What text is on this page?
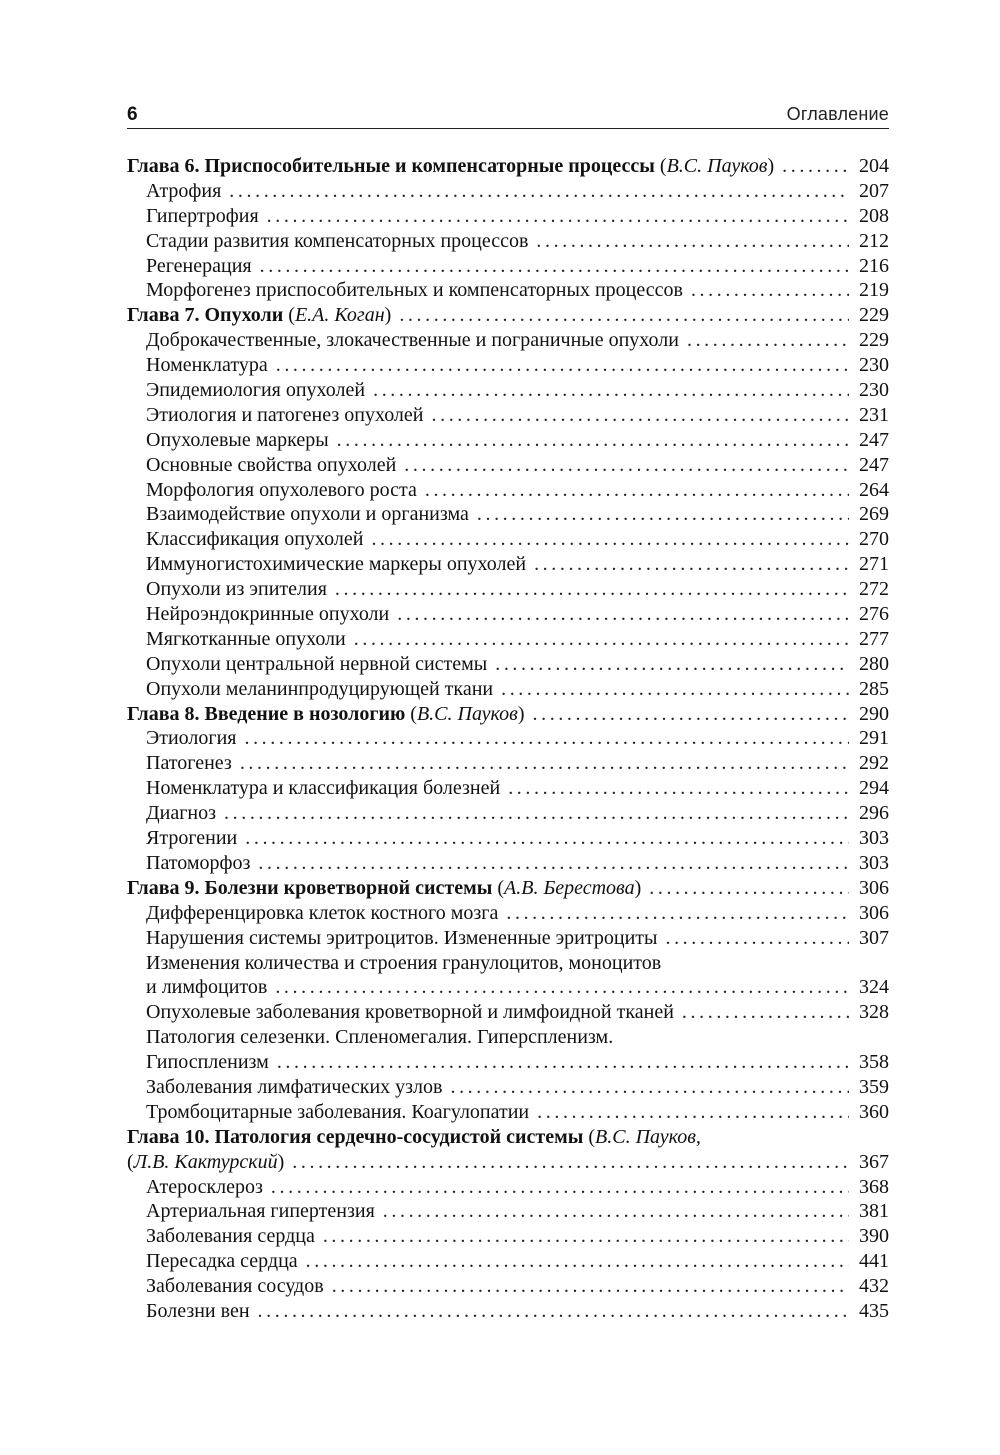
6	Оглавление
Глава 6. Приспособительные и компенсаторные процессы (В.С. Пауков) .....	204
Атрофия .....	207
Гипертрофия .....	208
Стадии развития компенсаторных процессов .....	212
Регенерация .....	216
Морфогенез приспособительных и компенсаторных процессов .....	219
Глава 7. Опухоли (Е.А. Коган) .....	229
Доброкачественные, злокачественные и пограничные опухоли .....	229
Номенклатура .....	230
Эпидемиология опухолей .....	230
Этиология и патогенез опухолей .....	231
Опухолевые маркеры .....	247
Основные свойства опухолей .....	247
Морфология опухолевого роста .....	264
Взаимодействие опухоли и организма .....	269
Классификация опухолей .....	270
Иммуногистохимические маркеры опухолей .....	271
Опухоли из эпителия .....	272
Нейроэндокринные опухоли .....	276
Мягкотканные опухоли .....	277
Опухоли центральной нервной системы .....	280
Опухоли меланинпродуцирующей ткани .....	285
Глава 8. Введение в нозологию (В.С. Пауков) .....	290
Этиология .....	291
Патогенез .....	292
Номенклатура и классификация болезней .....	294
Диагноз .....	296
Ятрогении .....	303
Патоморфоз .....	303
Глава 9. Болезни кроветворной системы (А.В. Берестова) .....	306
Дифференцировка клеток костного мозга .....	306
Нарушения системы эритроцитов. Измененные эритроциты .....	307
Изменения количества и строения гранулоцитов, моноцитов
и лимфоцитов .....	324
Опухолевые заболевания кроветворной и лимфоидной тканей .....	328
Патология селезенки. Спленомегалия. Гиперспленизм.
Гипоспленизм .....	358
Заболевания лимфатических узлов .....	359
Тромбоцитарные заболевания. Коагулопатии .....	360
Глава 10. Патология сердечно-сосудистой системы (В.С. Пауков,
(Л.В. Кактурский) .....	367
Атеросклероз .....	368
Артериальная гипертензия .....	381
Заболевания сердца .....	390
Пересадка сердца .....	441
Заболевания сосудов .....	432
Болезни вен .....	435
